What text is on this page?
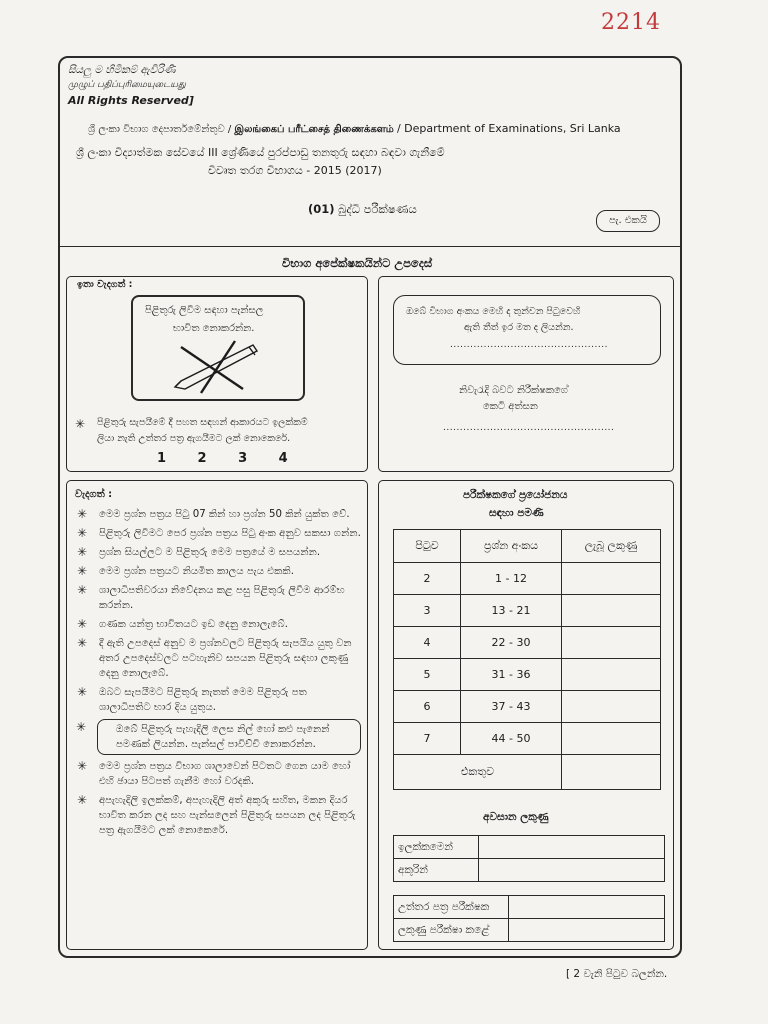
2214
සියලු ම හිමිකම් ඇවිරිණි
முழுப் பதிப்புரிமையுடையது
All Rights Reserved]
ශ්‍රී ලංකා විභාග දෙපාර්තමේන්තුව / இலங்கைப் பரீட்சைத் திணைக்களம் / Department of Examinations, Sri Lanka
ශ්‍රී ලංකා විද්‍යාත්මක සේවයේ III ශ්‍රේණියේ පුරප්පාඩු තනතුරු සඳහා බඳවා ගැනීමේ
විවෘත තරග විභාගය - 2015 (2017)
(01) බුද්ධි පරීක්ෂණය
පැ. එකයි
විභාග අපේක්ෂකයින්ට උපදෙස්
ඉතා වැදගත් :
පිළිතුරු ලිවීම සඳහා පැන්සල
භාවිත නොකරන්න.
✳ පිළිතුරු සැපයීමේ දී පහත සඳහන් ආකාරයට ඉලක්කම්
ලියා නැති උත්තර පත්‍ර ඇගයීමට ලක් නොකෙරේ.
1 2 3 4
ඔබේ විභාග අංකය මෙහි ද තුන්වන පිටුවෙහි
ඇති තීත් ඉර මත ද ලියන්න.
...............................................
නිවැරැදි බවට නිරීක්ෂකගේ
කෙටි අත්සන
...................................................
වැදගත් :
✳ මෙම ප්‍රශ්න පත්‍රය පිටු 07 කින් හා ප්‍රශ්න 50 කින් යුක්ත වේ.
✳ පිළිතුරු ලිවීමට පෙර ප්‍රශ්න පත්‍රය පිටු අංක අනුව සකසා ගන්න.
✳ ප්‍රශ්න සියල්ලට ම පිළිතුරු මෙම පත්‍රයේ ම සපයන්න.
✳ මෙම ප්‍රශ්න පත්‍රයට නියමිත කාලය පැය එකකි.
✳ ශාලාධිපතිවරයා නිවේදනය කළ පසු පිළිතුරු ලිවීම ආරම්භ කරන්න.
✳ ගණක යන්ත්‍ර භාවිතයට ඉඩ දෙනු නොලැබේ.
✳ දී ඇති උපදෙස් අනුව ම ප්‍රශ්නවලට පිළිතුරු සැපයිය යුතු වන අතර උපදෙස්වලට පටහැනිව සපයන පිළිතුරු සඳහා ලකුණු දෙනු නොලැබේ.
✳ ඔබට සැපයීමට පිළිතුරු නැතත් මෙම පිළිතුරු පත ශාලාධිපතිට භාර දිය යුතුය.
✳ ඔබේ පිළිතුරු පැහැදිලි ලෙස නිල් හෝ කළු පැනෙන් පමණක් ලියන්න. පැන්සල් පාවිච්චි නොකරන්න.
✳ මෙම ප්‍රශ්න පත්‍රය විභාග ශාලාවෙන් පිටතට ගෙන යාම හෝ එහි ඡායා පිටපත් ගැනීම හෝ වරදකි.
✳ අපැහැදිලි ඉලක්කම්, අපැහැදිලි අත් අකුරු සහිත, මකන දියර භාවිත කරන ලද සහ පැන්සලෙන් පිළිතුරු සපයන ලද පිළිතුරු පත්‍ර ඇගයීමට ලක් නොකෙරේ.
පරීක්ෂකගේ ප්‍රයෝජනය
සඳහා පමණි
පිටුව	ප්‍රශ්න අංකය	ලැබූ ලකුණු
2	1 - 12	
3	13 - 21	
4	22 - 30	
5	31 - 36	
6	37 - 43	
7	44 - 50	
එකතුව		
අවසාන ලකුණු
ඉලක්කමෙන්	
අකුරින්	
උත්තර පත්‍ර පරීක්ෂක	
ලකුණු පරීක්ෂා කළේ	
[ 2 වැනි පිටුව බලන්න.
